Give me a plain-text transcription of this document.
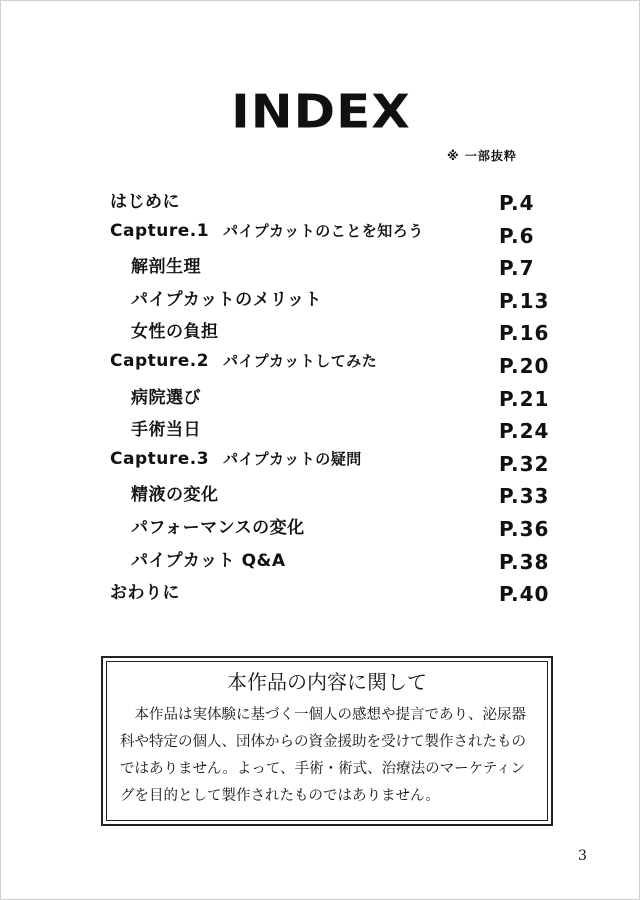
INDEX
※ 一部抜粋
はじめに	P.4
Capture.1 パイプカットのことを知ろう	P.6
解剖生理	P.7
パイプカットのメリット	P.13
女性の負担	P.16
Capture.2 パイプカットしてみた	P.20
病院選び	P.21
手術当日	P.24
Capture.3 パイプカットの疑問	P.32
精液の変化	P.33
パフォーマンスの変化	P.36
パイプカット Q&A	P.38
おわりに	P.40
本作品の内容に関して
本作品は実体験に基づく一個人の感想や提言であり、泌尿器科や特定の個人、団体からの資金援助を受けて製作されたものではありません。よって、手術・術式、治療法のマーケティングを目的として製作されたものではありません。
3
